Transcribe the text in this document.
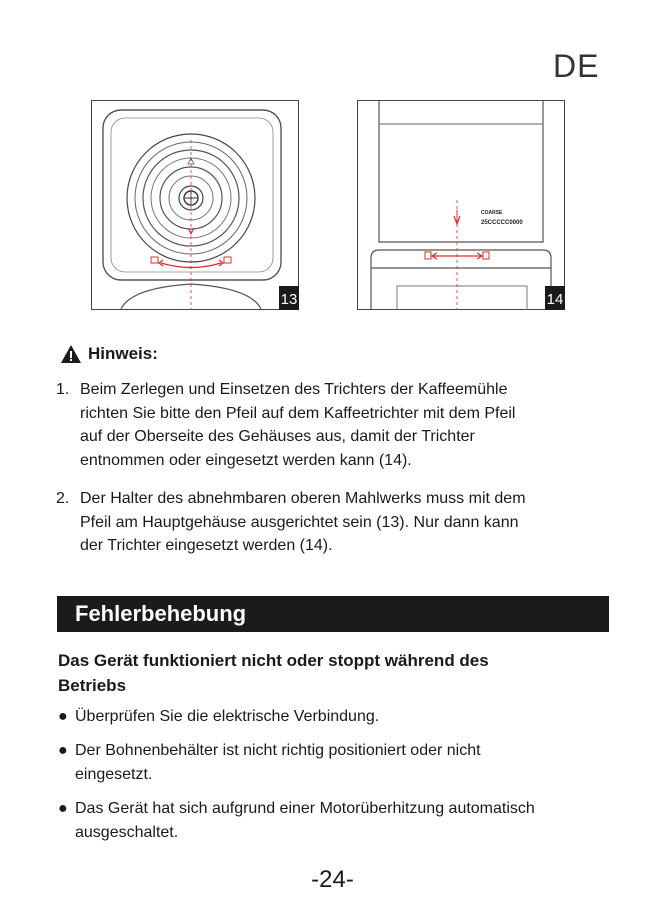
DE
13
COARSE
25CCCCC0000
14
Hinweis:
1. Beim Zerlegen und Einsetzen des Trichters der Kaffeemühle
richten Sie bitte den Pfeil auf dem Kaffeetrichter mit dem Pfeil
auf der Oberseite des Gehäuses aus, damit der Trichter
entnommen oder eingesetzt werden kann (14).
2. Der Halter des abnehmbaren oberen Mahlwerks muss mit dem
Pfeil am Hauptgehäuse ausgerichtet sein (13). Nur dann kann
der Trichter eingesetzt werden (14).
Fehlerbehebung
Das Gerät funktioniert nicht oder stoppt während des
Betriebs
● Überprüfen Sie die elektrische Verbindung.
● Der Bohnenbehälter ist nicht richtig positioniert oder nicht
eingesetzt.
● Das Gerät hat sich aufgrund einer Motorüberhitzung automatisch
ausgeschaltet.
-24-
